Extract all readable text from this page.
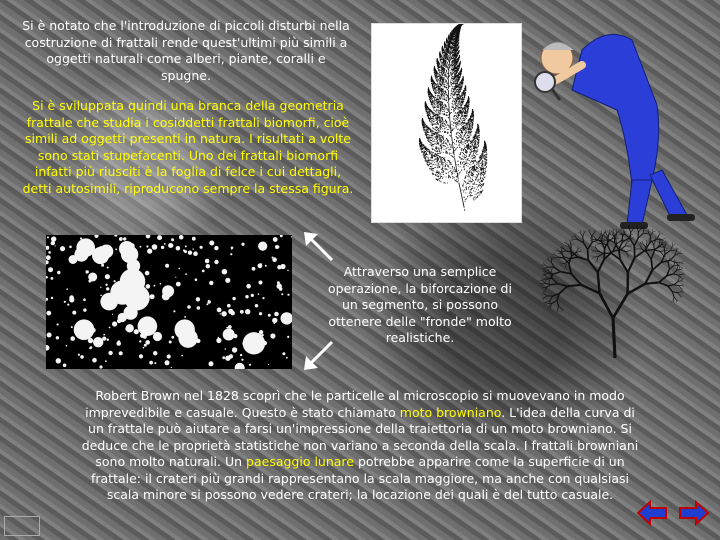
Si è notato che l'introduzione di piccoli disturbi nella costruzione di frattali rende quest'ultimi più simili a oggetti naturali come alberi, piante, coralli e spugne.
Si è sviluppata quindi una branca della geometria frattale che studia i cosiddetti frattali biomorfi, cioè simili ad oggetti presenti in natura. I risultati a volte sono stati stupefacenti. Uno dei frattali biomorfi infatti più riusciti è la foglia di felce i cui dettagli, detti autosimili, riproducono sempre la stessa figura.
Attraverso una semplice operazione, la biforcazione di un segmento, si possono ottenere delle "fronde" molto realistiche.
Robert Brown nel 1828 scoprì che le particelle al microscopio si muovevano in modo imprevedibile e casuale. Questo è stato chiamato moto browniano. L'idea della curva di un frattale può aiutare a farsi un'impressione della traiettoria di un moto browniano. Si deduce che le proprietà statistiche non variano a seconda della scala. I frattali browniani sono molto naturali. Un paesaggio lunare potrebbe apparire come la superficie di un frattale: il crateri più grandi rappresentano la scala maggiore, ma anche con qualsiasi scala minore si possono vedere crateri; la locazione dei quali è del tutto casuale.
